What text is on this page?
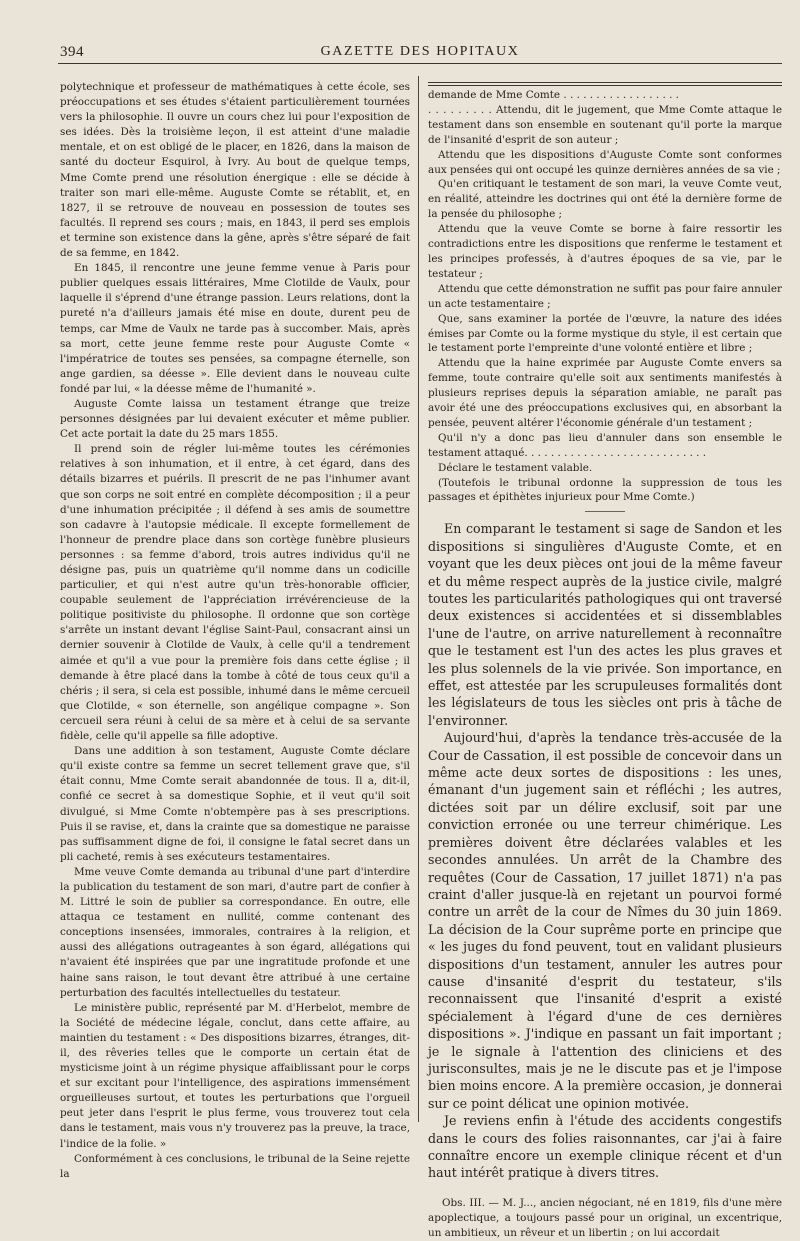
394	GAZETTE DES HOPITAUX

polytechnique et professeur de mathématiques à cette école, ses préoccupations et ses études s'étaient particulièrement tournées vers la philosophie. Il ouvre un cours chez lui pour l'exposition de ses idées. Dès la troisième leçon, il est atteint d'une maladie mentale, et on est obligé de le placer, en 1826, dans la maison de santé du docteur Esquirol, à Ivry. Au bout de quelque temps, Mme Comte prend une résolution énergique : elle se décide à traiter son mari elle-même. Auguste Comte se rétablit, et, en 1827, il se retrouve de nouveau en possession de toutes ses facultés. Il reprend ses cours ; mais, en 1843, il perd ses emplois et termine son existence dans la gêne, après s'être séparé de fait de sa femme, en 1842.

En 1845, il rencontre une jeune femme venue à Paris pour publier quelques essais littéraires, Mme Clotilde de Vaulx, pour laquelle il s'éprend d'une étrange passion. Leurs relations, dont la pureté n'a d'ailleurs jamais été mise en doute, durent peu de temps, car Mme de Vaulx ne tarde pas à succomber. Mais, après sa mort, cette jeune femme reste pour Auguste Comte « l'impératrice de toutes ses pensées, sa compagne éternelle, son ange gardien, sa déesse ». Elle devient dans le nouveau culte fondé par lui, « la déesse même de l'humanité ».

Auguste Comte laissa un testament étrange que treize personnes désignées par lui devaient exécuter et même publier. Cet acte portait la date du 25 mars 1855.

Il prend soin de régler lui-même toutes les cérémonies relatives à son inhumation, et il entre, à cet égard, dans des détails bizarres et puérils. Il prescrit de ne pas l'inhumer avant que son corps ne soit entré en complète décomposition ; il a peur d'une inhumation précipitée ; il défend à ses amis de soumettre son cadavre à l'autopsie médicale. Il excepte formellement de l'honneur de prendre place dans son cortège funèbre plusieurs personnes : sa femme d'abord, trois autres individus qu'il ne désigne pas, puis un quatrième qu'il nomme dans un codicille particulier, et qui n'est autre qu'un très-honorable officier, coupable seulement de l'appréciation irrévérencieuse de la politique positiviste du philosophe. Il ordonne que son cortège s'arrête un instant devant l'église Saint-Paul, consacrant ainsi un dernier souvenir à Clotilde de Vaulx, à celle qu'il a tendrement aimée et qu'il a vue pour la première fois dans cette église ; il demande à être placé dans la tombe à côté de tous ceux qu'il a chéris ; il sera, si cela est possible, inhumé dans le même cercueil que Clotilde, « son éternelle, son angélique compagne ». Son cercueil sera réuni à celui de sa mère et à celui de sa servante fidèle, celle qu'il appelle sa fille adoptive.

Dans une addition à son testament, Auguste Comte déclare qu'il existe contre sa femme un secret tellement grave que, s'il était connu, Mme Comte serait abandonnée de tous. Il a, dit-il, confié ce secret à sa domestique Sophie, et il veut qu'il soit divulgué, si Mme Comte n'obtempère pas à ses prescriptions. Puis il se ravise, et, dans la crainte que sa domestique ne paraisse pas suffisamment digne de foi, il consigne le fatal secret dans un pli cacheté, remis à ses exécuteurs testamentaires.

Mme veuve Comte demanda au tribunal d'une part d'interdire la publication du testament de son mari, d'autre part de confier à M. Littré le soin de publier sa correspondance. En outre, elle attaqua ce testament en nullité, comme contenant des conceptions insensées, immorales, contraires à la religion, et aussi des allégations outrageantes à son égard, allégations qui n'avaient été inspirées que par une ingratitude profonde et une haine sans raison, le tout devant être attribué à une certaine perturbation des facultés intellectuelles du testateur.

Le ministère public, représenté par M. d'Herbelot, membre de la Société de médecine légale, conclut, dans cette affaire, au maintien du testament : « Des dispositions bizarres, étranges, dit-il, des rêveries telles que le comporte un certain état de mysticisme joint à un régime physique affaiblissant pour le corps et sur excitant pour l'intelligence, des aspirations immensément orgueilleuses surtout, et toutes les perturbations que l'orgueil peut jeter dans l'esprit le plus ferme, vous trouverez tout cela dans le testament, mais vous n'y trouverez pas la preuve, la trace, l'indice de la folie. »

Conformément à ces conclusions, le tribunal de la Seine rejette la

demande de Mme Comte . . . . . . . . . . . . . . . . . .

. . . . . . . . . Attendu, dit le jugement, que Mme Comte attaque le testament dans son ensemble en soutenant qu'il porte la marque de l'insanité d'esprit de son auteur ;

Attendu que les dispositions d'Auguste Comte sont conformes aux pensées qui ont occupé les quinze dernières années de sa vie ;

Qu'en critiquant le testament de son mari, la veuve Comte veut, en réalité, atteindre les doctrines qui ont été la dernière forme de la pensée du philosophe ;

Attendu que la veuve Comte se borne à faire ressortir les contradictions entre les dispositions que renferme le testament et les principes professés, à d'autres époques de sa vie, par le testateur ;

Attendu que cette démonstration ne suffit pas pour faire annuler un acte testamentaire ;

Que, sans examiner la portée de l'œuvre, la nature des idées émises par Comte ou la forme mystique du style, il est certain que le testament porte l'empreinte d'une volonté entière et libre ;

Attendu que la haine exprimée par Auguste Comte envers sa femme, toute contraire qu'elle soit aux sentiments manifestés à plusieurs reprises depuis la séparation amiable, ne paraît pas avoir été une des préoccupations exclusives qui, en absorbant la pensée, peuvent altérer l'économie générale d'un testament ;

Qu'il n'y a donc pas lieu d'annuler dans son ensemble le testament attaqué. . . . . . . . . . . . . . . . . . . . . . . . . . . .

Déclare le testament valable.

(Toutefois le tribunal ordonne la suppression de tous les passages et épithètes injurieux pour Mme Comte.)

En comparant le testament si sage de Sandon et les dispositions si singulières d'Auguste Comte, et en voyant que les deux pièces ont joui de la même faveur et du même respect auprès de la justice civile, malgré toutes les particularités pathologiques qui ont traversé deux existences si accidentées et si dissemblables l'une de l'autre, on arrive naturellement à reconnaître que le testament est l'un des actes les plus graves et les plus solennels de la vie privée. Son importance, en effet, est attestée par les scrupuleuses formalités dont les législateurs de tous les siècles ont pris à tâche de l'environner.

Aujourd'hui, d'après la tendance très-accusée de la Cour de Cassation, il est possible de concevoir dans un même acte deux sortes de dispositions : les unes, émanant d'un jugement sain et réfléchi ; les autres, dictées soit par un délire exclusif, soit par une conviction erronée ou une terreur chimérique. Les premières doivent être déclarées valables et les secondes annulées. Un arrêt de la Chambre des requêtes (Cour de Cassation, 17 juillet 1871) n'a pas craint d'aller jusque-là en rejetant un pourvoi formé contre un arrêt de la cour de Nîmes du 30 juin 1869. La décision de la Cour suprême porte en principe que « les juges du fond peuvent, tout en validant plusieurs dispositions d'un testament, annuler les autres pour cause d'insanité d'esprit du testateur, s'ils reconnaissent que l'insanité d'esprit a existé spécialement à l'égard d'une de ces dernières dispositions ». J'indique en passant un fait important ; je le signale à l'attention des cliniciens et des jurisconsultes, mais je ne le discute pas et je l'impose bien moins encore. A la première occasion, je donnerai sur ce point délicat une opinion motivée.

Je reviens enfin à l'étude des accidents congestifs dans le cours des folies raisonnantes, car j'ai à faire connaître encore un exemple clinique récent et d'un haut intérêt pratique à divers titres.

Obs. III. — M. J..., ancien négociant, né en 1819, fils d'une mère apoplectique, a toujours passé pour un original, un excentrique, un ambitieux, un rêveur et un libertin ; on lui accordait
